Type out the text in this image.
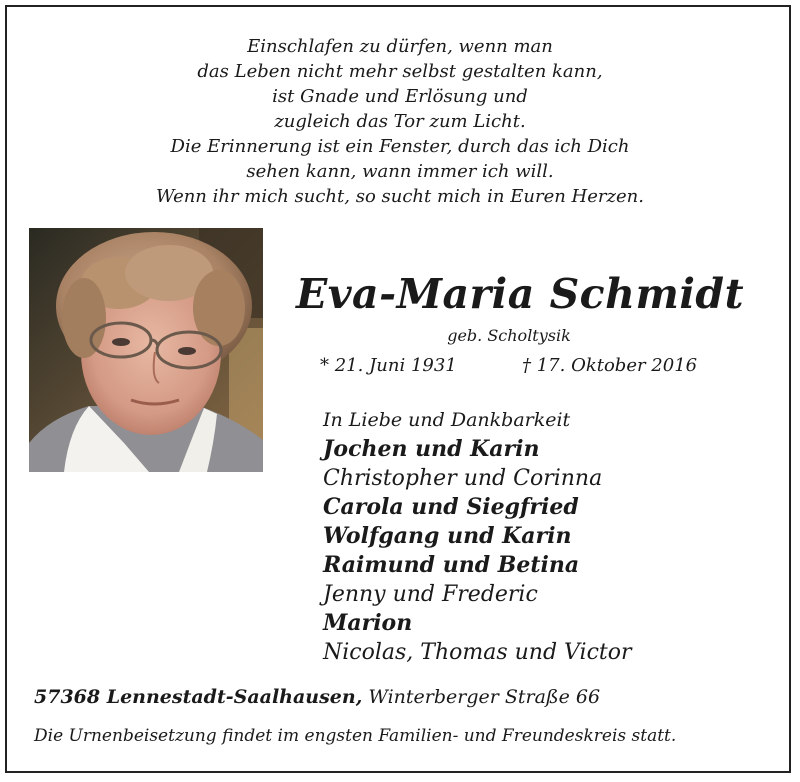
Einschlafen zu dürfen, wenn man

das Leben nicht mehr selbst gestalten kann,

ist Gnade und Erlösung und

zugleich das Tor zum Licht.

Die Erinnerung ist ein Fenster, durch das ich Dich

sehen kann, wann immer ich will.

Wenn ihr mich sucht, so sucht mich in Euren Herzen.

Eva-Maria Schmidt
geb. Scholtysik
* 21. Juni 1931	† 17. Oktober 2016
In Liebe und Dankbarkeit
Jochen und Karin
Christopher und Corinna
Carola und Siegfried
Wolfgang und Karin
Raimund und Betina
Jenny und Frederic
Marion
Nicolas, Thomas und Victor
57368 Lennestadt-Saalhausen, Winterberger Straße 66
Die Urnenbeisetzung findet im engsten Familien- und Freundeskreis statt.
